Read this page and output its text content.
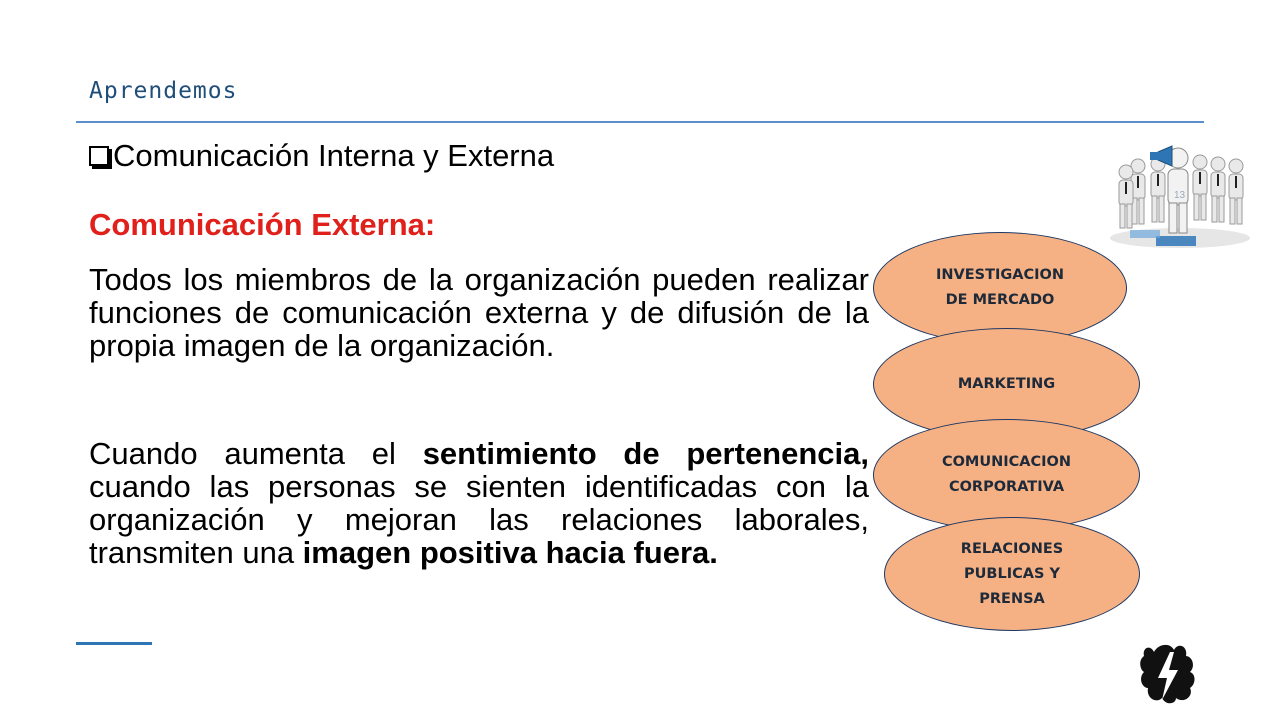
Aprendemos
Comunicación Interna y Externa
Comunicación Externa:
Todos los miembros de la organización pueden realizar funciones de comunicación externa y de difusión de la propia imagen de la organización.
Cuando aumenta el sentimiento de pertenencia, cuando las personas se sienten identificadas con la organización y mejoran las relaciones laborales, transmiten una imagen positiva hacia fuera.
13
INVESTIGACION DE MERCADO
MARKETING
COMUNICACION CORPORATIVA
RELACIONES PUBLICAS Y PRENSA
